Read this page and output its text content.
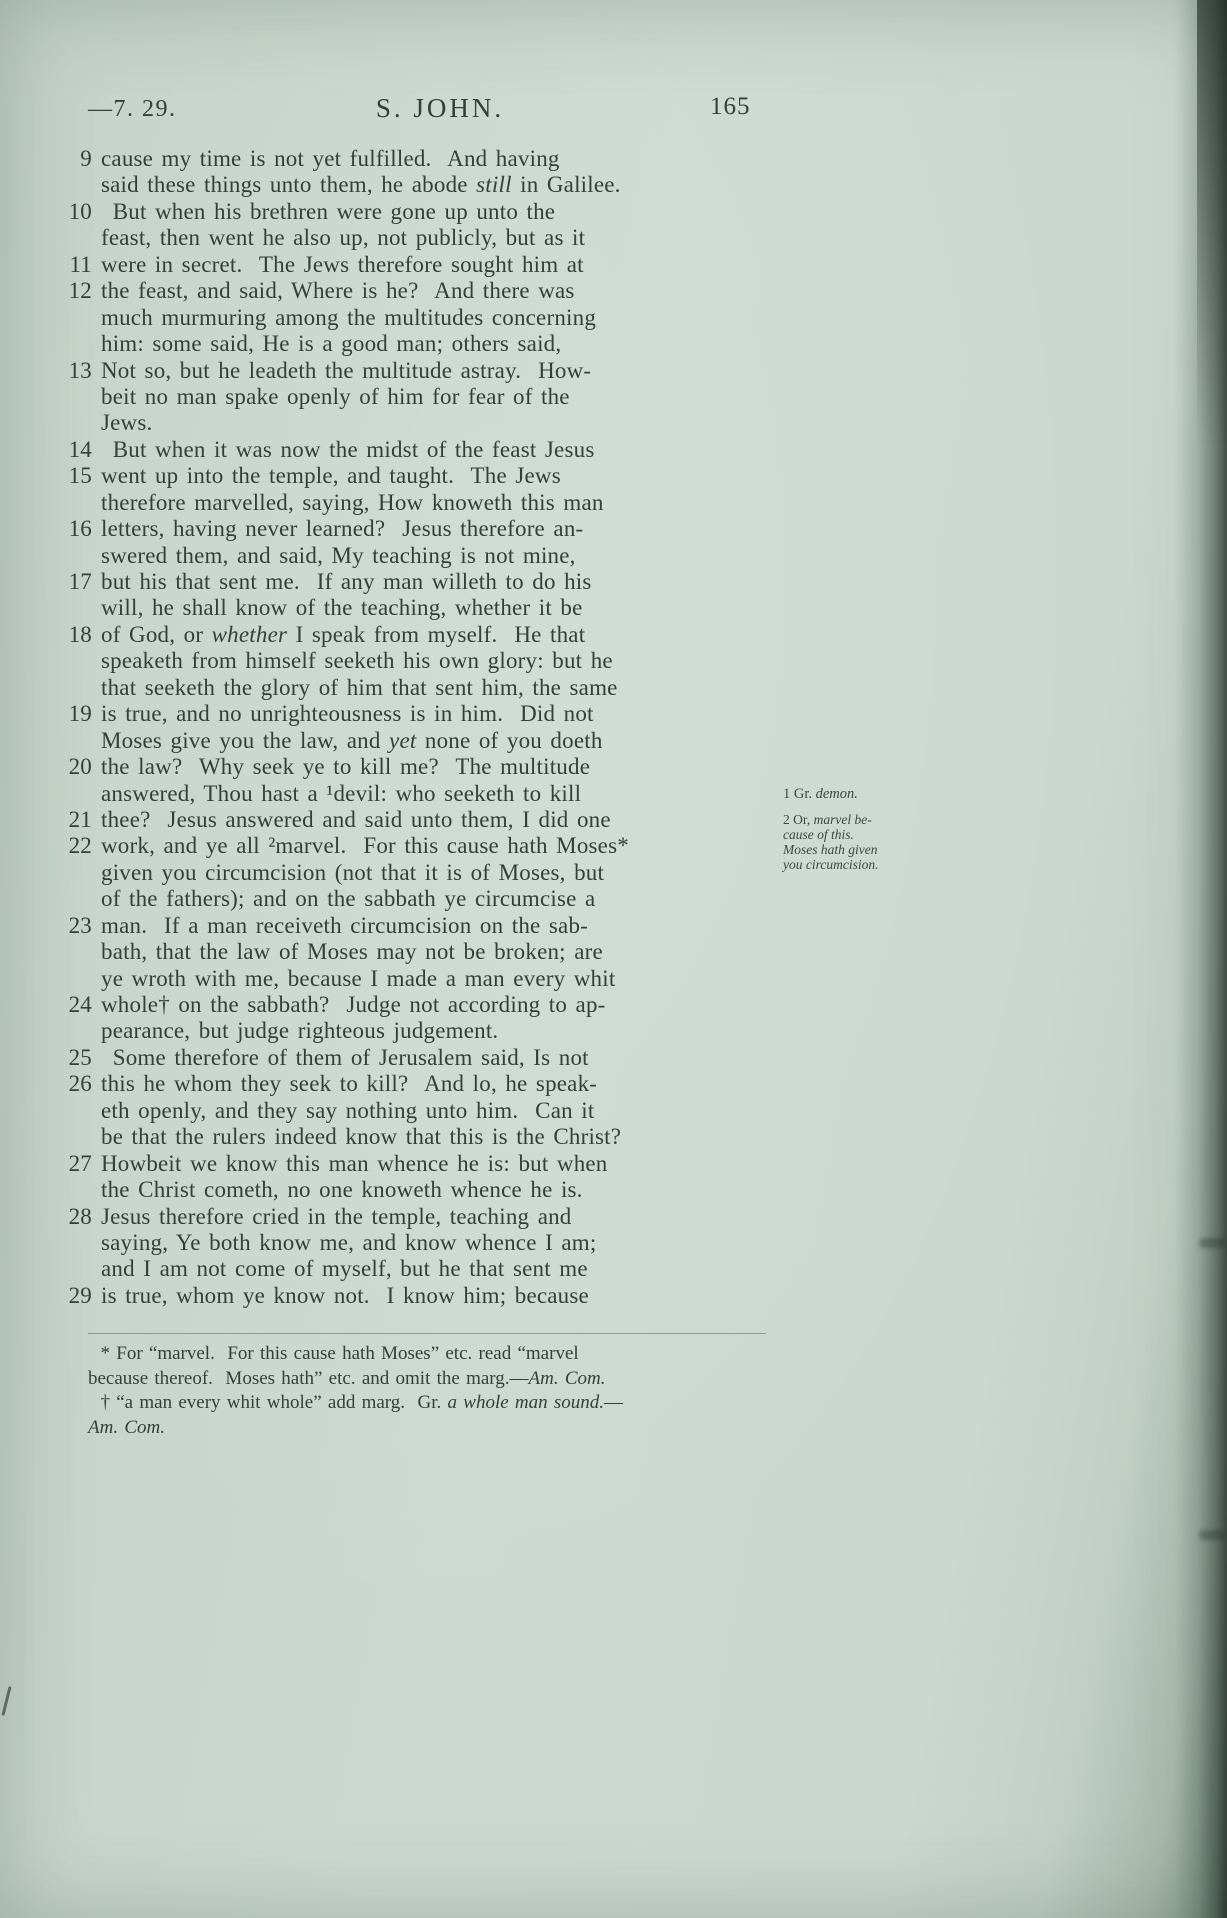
—7. 29.	S. JOHN.	165
9 cause my time is not yet fulfilled.  And having
said these things unto them, he abode still in Galilee.
10  But when his brethren were gone up unto the
feast, then went he also up, not publicly, but as it
11 were in secret.  The Jews therefore sought him at
12 the feast, and said, Where is he?  And there was
much murmuring among the multitudes concerning
him: some said, He is a good man; others said,
13 Not so, but he leadeth the multitude astray.  How-
beit no man spake openly of him for fear of the
Jews.
14  But when it was now the midst of the feast Jesus
15 went up into the temple, and taught.  The Jews
therefore marvelled, saying, How knoweth this man
16 letters, having never learned?  Jesus therefore an-
swered them, and said, My teaching is not mine,
17 but his that sent me.  If any man willeth to do his
will, he shall know of the teaching, whether it be
18 of God, or whether I speak from myself.  He that
speaketh from himself seeketh his own glory: but he
that seeketh the glory of him that sent him, the same
19 is true, and no unrighteousness is in him.  Did not
Moses give you the law, and yet none of you doeth
20 the law?  Why seek ye to kill me?  The multitude
answered, Thou hast a ¹devil: who seeketh to kill
21 thee?  Jesus answered and said unto them, I did one
22 work, and ye all ²marvel.  For this cause hath Moses*
given you circumcision (not that it is of Moses, but
of the fathers); and on the sabbath ye circumcise a
23 man.  If a man receiveth circumcision on the sab-
bath, that the law of Moses may not be broken; are
ye wroth with me, because I made a man every whit
24 whole† on the sabbath?  Judge not according to ap-
pearance, but judge righteous judgement.
25  Some therefore of them of Jerusalem said, Is not
26 this he whom they seek to kill?  And lo, he speak-
eth openly, and they say nothing unto him.  Can it
be that the rulers indeed know that this is the Christ?
27 Howbeit we know this man whence he is: but when
the Christ cometh, no one knoweth whence he is.
28 Jesus therefore cried in the temple, teaching and
saying, Ye both know me, and know whence I am;
and I am not come of myself, but he that sent me
29 is true, whom ye know not.  I know him; because
1 Gr. demon.
2 Or, marvel be-
cause of this.
Moses hath given
you circumcision.
* For “marvel.  For this cause hath Moses” etc. read “marvel
because thereof.  Moses hath” etc. and omit the marg.—Am. Com.
† “a man every whit whole” add marg.  Gr. a whole man sound.—
Am. Com.
